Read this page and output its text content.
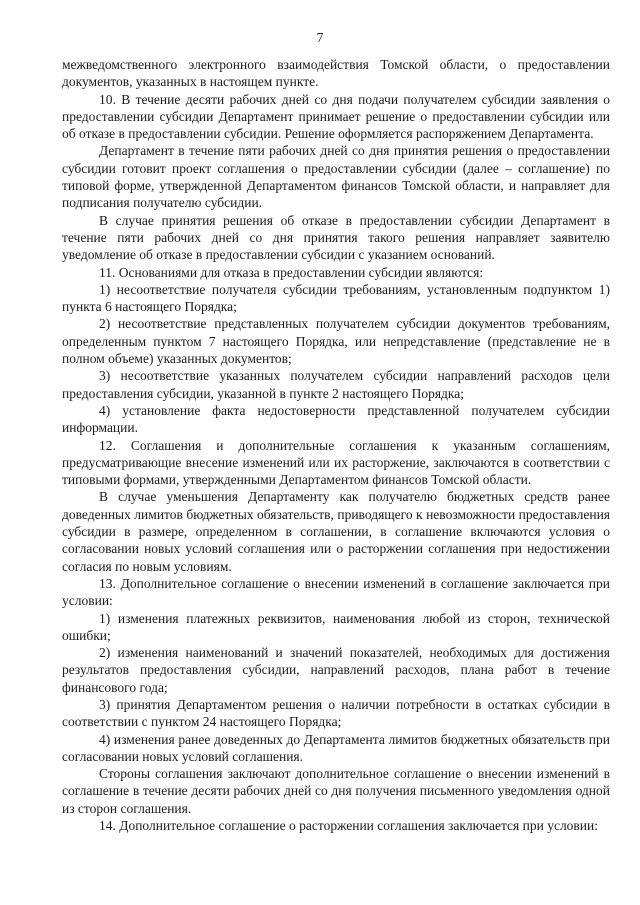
7

межведомственного электронного взаимодействия Томской области, о предоставлении документов, указанных в настоящем пункте.

10. В течение десяти рабочих дней со дня подачи получателем субсидии заявления о предоставлении субсидии Департамент принимает решение о предоставлении субсидии или об отказе в предоставлении субсидии. Решение оформляется распоряжением Департамента.

Департамент в течение пяти рабочих дней со дня принятия решения о предоставлении субсидии готовит проект соглашения о предоставлении субсидии (далее – соглашение) по типовой форме, утвержденной Департаментом финансов Томской области, и направляет для подписания получателю субсидии.

В случае принятия решения об отказе в предоставлении субсидии Департамент в течение пяти рабочих дней со дня принятия такого решения направляет заявителю уведомление об отказе в предоставлении субсидии с указанием оснований.

11. Основаниями для отказа в предоставлении субсидии являются:

1) несоответствие получателя субсидии требованиям, установленным подпунктом 1) пункта 6 настоящего Порядка;

2) несоответствие представленных получателем субсидии документов требованиям, определенным пунктом 7 настоящего Порядка, или непредставление (представление не в полном объеме) указанных документов;

3) несоответствие указанных получателем субсидии направлений расходов цели предоставления субсидии, указанной в пункте 2 настоящего Порядка;

4) установление факта недостоверности представленной получателем субсидии информации.

12. Соглашения и дополнительные соглашения к указанным соглашениям, предусматривающие внесение изменений или их расторжение, заключаются в соответствии с типовыми формами, утвержденными Департаментом финансов Томской области.

В случае уменьшения Департаменту как получателю бюджетных средств ранее доведенных лимитов бюджетных обязательств, приводящего к невозможности предоставления субсидии в размере, определенном в соглашении, в соглашение включаются условия о согласовании новых условий соглашения или о расторжении соглашения при недостижении согласия по новым условиям.

13. Дополнительное соглашение о внесении изменений в соглашение заключается при условии:

1) изменения платежных реквизитов, наименования любой из сторон, технической ошибки;

2) изменения наименований и значений показателей, необходимых для достижения результатов предоставления субсидии, направлений расходов, плана работ в течение финансового года;

3) принятия Департаментом решения о наличии потребности в остатках субсидии в соответствии с пунктом 24 настоящего Порядка;

4) изменения ранее доведенных до Департамента лимитов бюджетных обязательств при согласовании новых условий соглашения.

Стороны соглашения заключают дополнительное соглашение о внесении изменений в соглашение в течение десяти рабочих дней со дня получения письменного уведомления одной из сторон соглашения.

14. Дополнительное соглашение о расторжении соглашения заключается при условии:
